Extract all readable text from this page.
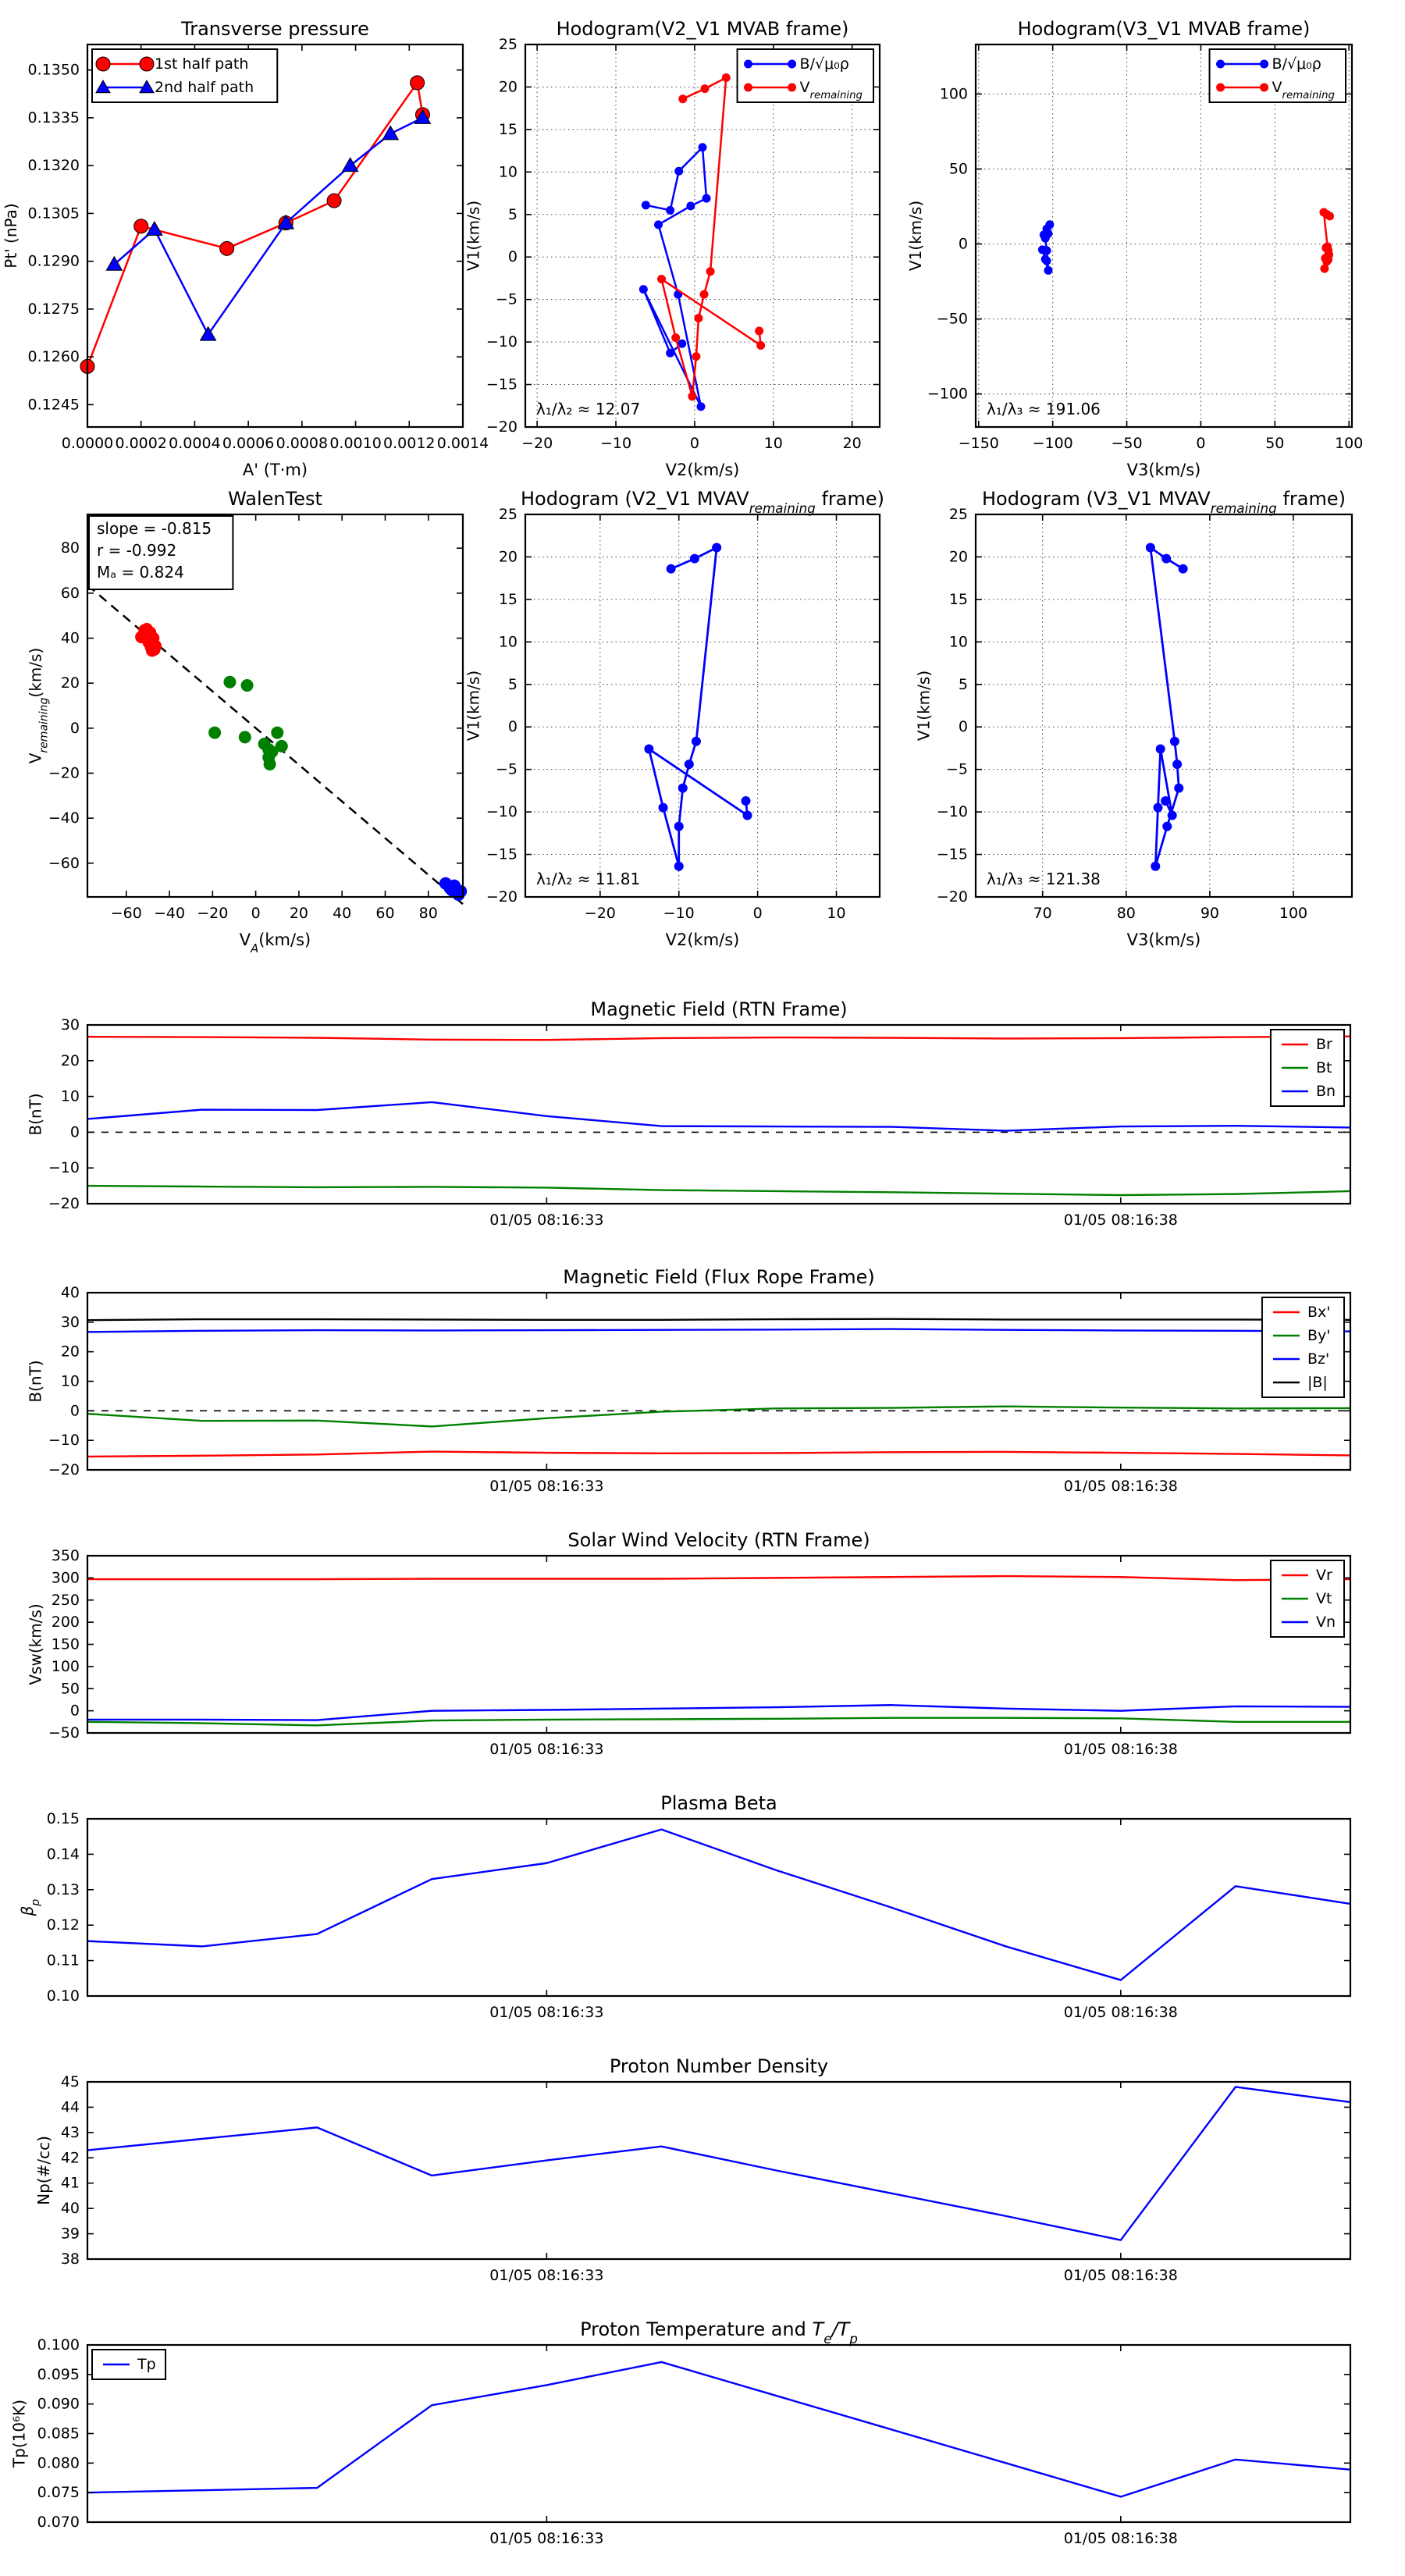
0.0000 0.0002 0.0004 0.0006 0.0008 0.0010 0.0012 0.0014
0.1245
0.1260
0.1275
0.1290
0.1305
0.1320
0.1335
0.1350
Transverse pressure
A' (T·m)
Pt' (nPa)
1st half path
2nd half path
−20	−10	0	10	20
−20
−15
−10
−5
0
5
10
15
20
25
Hodogram(V2_V1 MVAB frame)
V2(km/s)
V1(km/s)
λ₁/λ₂ ≈ 12.07
B/√μ₀ρ
$V_{remaining}$
−150 −100	−50	0	50	100
−100
−50
0
50
100
Hodogram(V3_V1 MVAB frame)
V3(km/s)
V1(km/s)
λ₁/λ₃ ≈ 191.06
B/√μ₀ρ
$V_{remaining}$
−60 −40 −20 0 20 40 60 80
−60
−40
−20
0
20
40
60
80
WalenTest
$V_A(km/s)$
$V_{remaining}(km/s)$
slope = -0.815
r = -0.992
Mₐ = 0.824
−20	−10	0	10
−20
−15
−10
−5
0
5
10
15
20
25
Hodogram (V2_V1 $MVAV_{remaining}$ frame)
V2(km/s)
V1(km/s)
λ₁/λ₂ ≈ 11.81
70	80	90	100
−20
−15
−10
−5
0
5
10
15
20
25
Hodogram (V3_V1 $MVAV_{remaining}$ frame)
V3(km/s)
V1(km/s)
λ₁/λ₃ ≈ 121.38
01/05 08:16:33	01/05 08:16:38
−20
−10
0
10
20
30
Magnetic Field (RTN Frame)
B(nT)
Br
Bt
Bn
01/05 08:16:33	01/05 08:16:38
−20
−10
0
10
20
30
40
Magnetic Field (Flux Rope Frame)
B(nT)
Bx'
By'
Bz'
|B|
01/05 08:16:33	01/05 08:16:38
−50
0
50
100
150
200
250
300
350
Solar Wind Velocity (RTN Frame)
Vsw(km/s)
Vr
Vt
Vn
01/05 08:16:33	01/05 08:16:38
0.10
0.11
0.12
0.13
0.14
0.15
Plasma Beta
$\beta_p$
01/05 08:16:33	01/05 08:16:38
38
39
40
41
42
43
44
45
Proton Number Density
Np(#/cc)
01/05 08:16:33	01/05 08:16:38
0.070
0.075
0.080
0.085
0.090
0.095
0.100
Proton Temperature and $T_e/T_p$
Tp(10⁶K)
Tp
